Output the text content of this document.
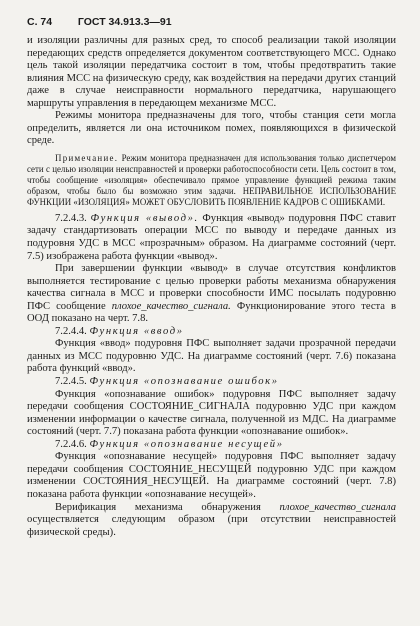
С. 74 ГОСТ 34.913.3—91

и изоляции различны для разных сред, то способ реализации такой изоляции передающих средств определяется документом соответствующего МСС. Однако цель такой изоляции передатчика состоит в том, чтобы предотвратить такие влияния МСС на физическую среду, как воздействия на передачи других станций даже в случае неисправности нормального передатчика, нарушающего маршруты управления в передающем механизме МСС.

Режимы монитора предназначены для того, чтобы станция сети могла определить, является ли она источником помех, появляющихся в физической среде.

Примечание. Режим монитора предназначен для использования только диспетчером сети с целью изоляции неисправностей и проверки работоспособности сети. Цель состоит в том, чтобы сообщение «изоляция» обеспечивало прямое управление функцией режима таким образом, чтобы было бы возможно этим задачи. НЕПРАВИЛЬНОЕ ИСПОЛЬЗОВАНИЕ ФУНКЦИИ «ИЗОЛЯЦИЯ» МОЖЕТ ОБУСЛОВИТЬ ПОЯВЛЕНИЕ КАДРОВ С ОШИБКАМИ.

7.2.4.3. Функция «вывод». Функция «вывод» подуровня ПФС ставит задачу стандартизовать операции МСС по выводу и передаче данных из подуровня УДС в МСС «прозрачным» образом. На диаграмме состояний (черт. 7.5) изображена работа функции «вывод».

При завершении функции «вывод» в случае отсутствия конфликтов выполняется тестирование с целью проверки работы механизма обнаружения качества сигнала в МСС и проверки способности ИМС посылать подуровню ПФС сообщение плохое_качество_сигнала. Функционирование этого теста в ООД показано на черт. 7.8.

7.2.4.4. Функция «ввод»

Функция «ввод» подуровня ПФС выполняет задачи прозрачной передачи данных из МСС подуровню УДС. На диаграмме состояний (черт. 7.6) показана работа функций «ввод».

7.2.4.5. Функция «опознавание ошибок»

Функция «опознавание ошибок» подуровня ПФС выполняет задачу передачи сообщения СОСТОЯНИЕ_СИГНАЛА подуровню УДС при каждом изменении информации о качестве сигнала, полученной из МДС. На диаграмме состояний (черт. 7.7) показана работа функции «опознавание ошибок».

7.2.4.6. Функция «опознавание несущей»

Функция «опознавание несущей» подуровня ПФС выполняет задачу передачи сообщения СОСТОЯНИЕ_НЕСУЩЕЙ подуровню УДС при каждом изменении СОСТОЯНИЯ_НЕСУЩЕЙ. На диаграмме состояний (черт. 7.8) показана работа функции «опознавание несущей».

Верификация механизма обнаружения плохое_качество_сигнала осуществляется следующим образом (при отсутствии неисправностей физической среды).
